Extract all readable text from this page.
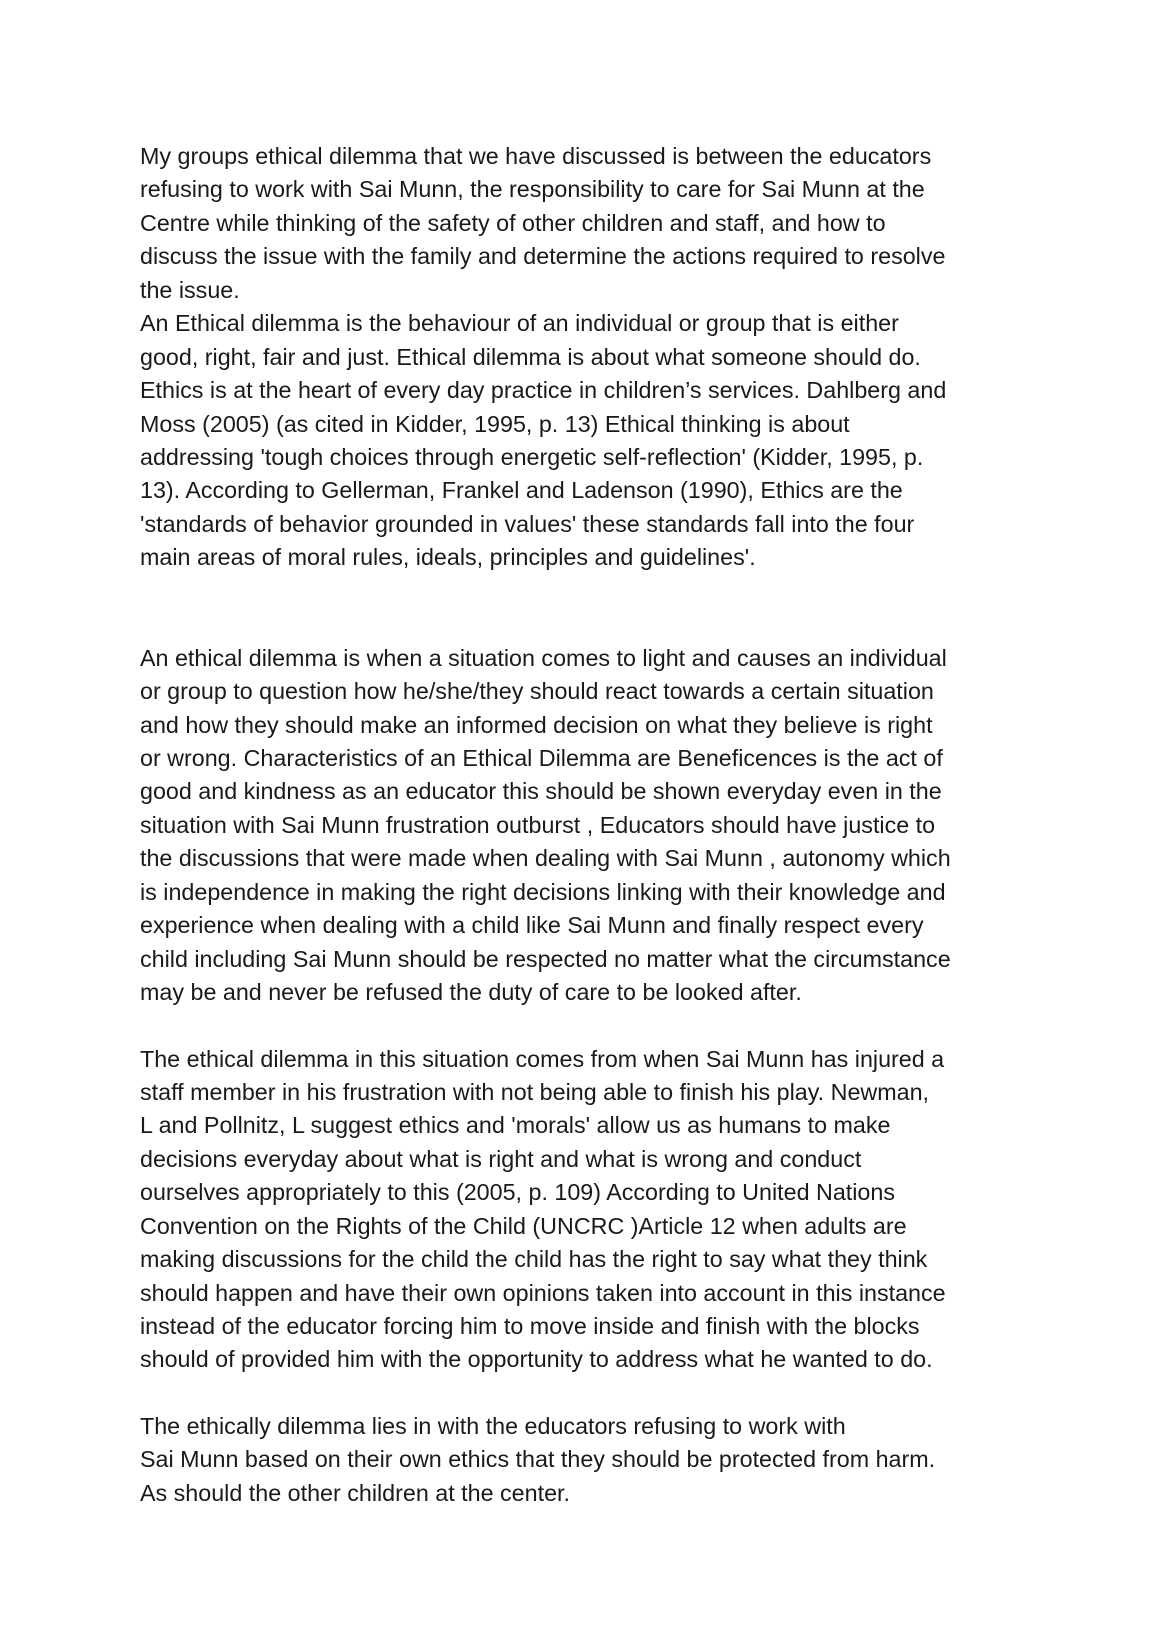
My groups ethical dilemma that we have discussed is between the educators
refusing to work with Sai Munn, the responsibility to care for Sai Munn at the
Centre while thinking of the safety of other children and staff, and how to
discuss the issue with the family and determine the actions required to resolve
the issue.
An Ethical dilemma is the behaviour of an individual or group that is either
good, right, fair and just. Ethical dilemma is about what someone should do.
Ethics is at the heart of every day practice in children’s services. Dahlberg and
Moss (2005) (as cited in Kidder, 1995, p. 13) Ethical thinking is about
addressing 'tough choices through energetic self-reflection' (Kidder, 1995, p.
13). According to Gellerman, Frankel and Ladenson (1990), Ethics are the
'standards of behavior grounded in values' these standards fall into the four
main areas of moral rules, ideals, principles and guidelines'.
An ethical dilemma is when a situation comes to light and causes an individual
or group to question how he/she/they should react towards a certain situation
and how they should make an informed decision on what they believe is right
or wrong. Characteristics of an Ethical Dilemma are Beneficences is the act of
good and kindness as an educator this should be shown everyday even in the
situation with Sai Munn frustration outburst , Educators should have justice to
the discussions that were made when dealing with Sai Munn , autonomy which
is independence in making the right decisions linking with their knowledge and
experience when dealing with a child like Sai Munn and finally respect every
child including Sai Munn should be respected no matter what the circumstance
may be and never be refused the duty of care to be looked after.
The ethical dilemma in this situation comes from when Sai Munn has injured a
staff member in his frustration with not being able to finish his play. Newman,
L and Pollnitz, L suggest ethics and 'morals' allow us as humans to make
decisions everyday about what is right and what is wrong and conduct
ourselves appropriately to this (2005, p. 109) According to United Nations
Convention on the Rights of the Child (UNCRC )Article 12 when adults are
making discussions for the child the child has the right to say what they think
should happen and have their own opinions taken into account in this instance
instead of the educator forcing him to move inside and finish with the blocks
should of provided him with the opportunity to address what he wanted to do.
The ethically dilemma lies in with the educators refusing to work with
Sai Munn based on their own ethics that they should be protected from harm.
As should the other children at the center.
